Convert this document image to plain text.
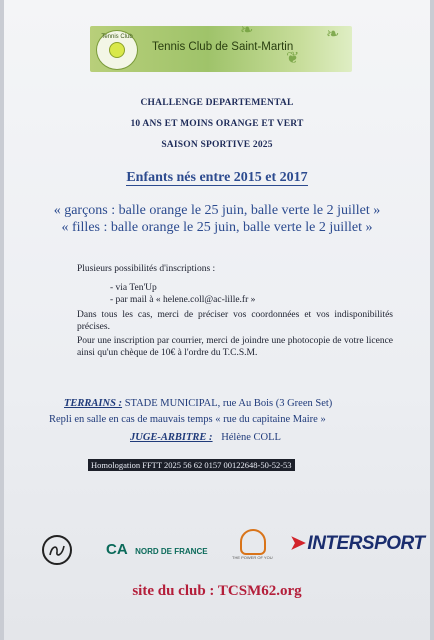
Tennis Club	❧
❦
❧
Tennis Club de Saint-Martin
CHALLENGE DEPARTEMENTAL
10 ANS ET MOINS ORANGE ET VERT
SAISON SPORTIVE 2025
Enfants nés entre 2015 et 2017
« garçons : balle orange le 25 juin, balle verte le 2 juillet »
« filles : balle orange le 25 juin, balle verte le 2 juillet »
Plusieurs possibilités d'inscriptions :
- via Ten'Up
- par mail à « helene.coll@ac-lille.fr »
Dans tous les cas, merci de préciser vos coordonnées et vos indisponibilités précises.
Pour une inscription par courrier, merci de joindre une photocopie de votre licence ainsi qu'un chèque de 10€ à l'ordre du T.C.S.M.
TERRAINS : STADE MUNICIPAL, rue Au Bois (3 Green Set)
Repli en salle en cas de mauvais temps « rue du capitaine Maire »
JUGE-ARBITRE : Hélène COLL
Homologation FFTT 2025 56 62 0157 00122648-50-52-53
CA NORD DE FRANCE
THE POWER OF YOU
➤ INTERSPORT
site du club : TCSM62.org
